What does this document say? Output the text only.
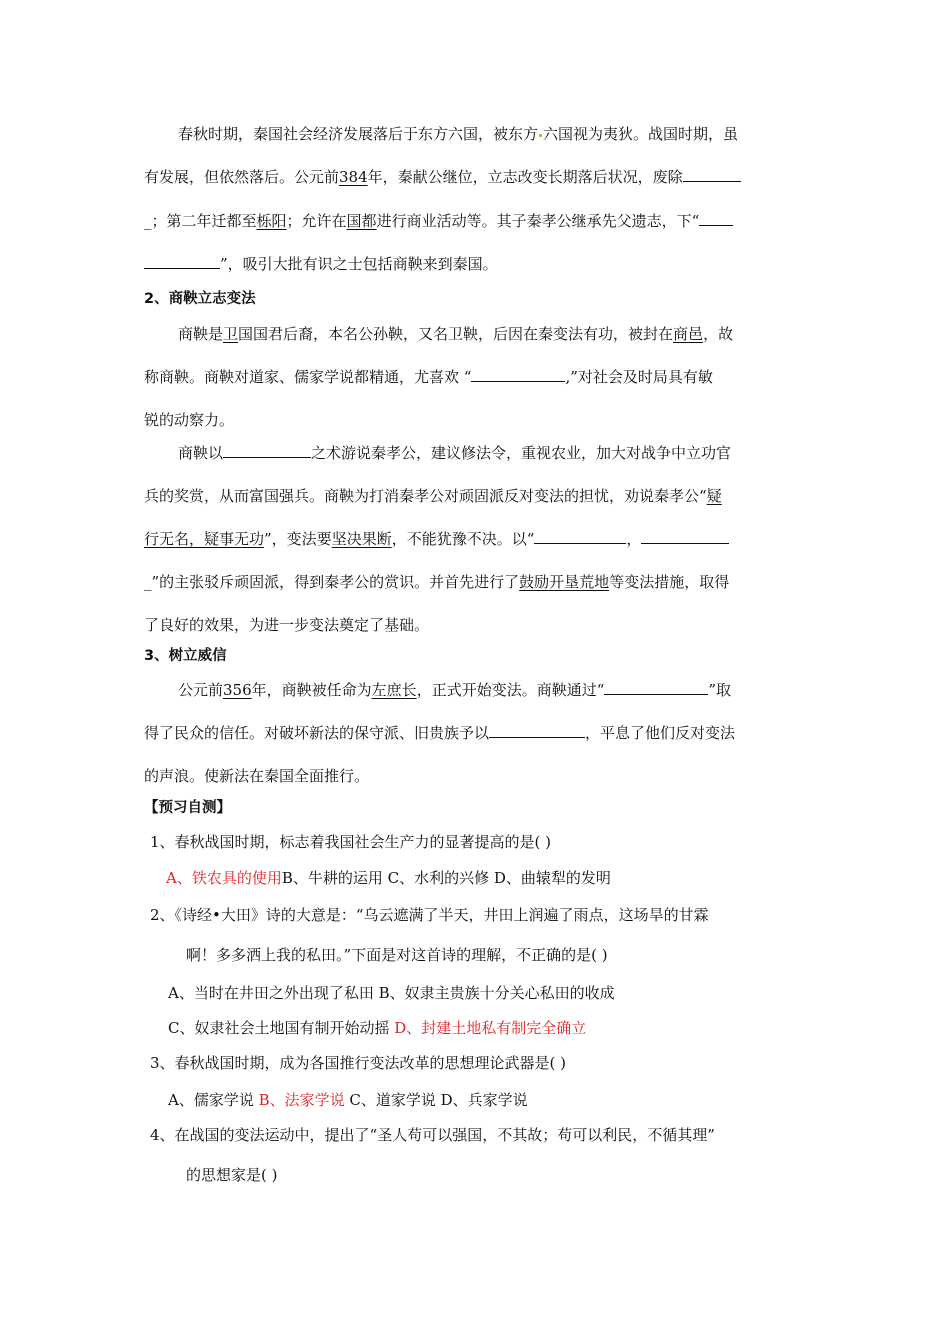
春秋时期，秦国社会经济发展落后于东方六国，被东方 六国视为夷狄。战国时期，虽
有发展，但依然落后。公元前384年，秦献公继位，立志改变长期落后状况，废除
_；第二年迁都至栎阳；允许在国都进行商业活动等。其子秦孝公继承先父遗志，下“
”，吸引大批有识之士包括商鞅来到秦国。
2、商鞅立志变法
商鞅是卫国国君后裔，本名公孙鞅，又名卫鞅，后因在秦变法有功，被封在商邑，故
称商鞅。商鞅对道家、儒家学说都精通，尤喜欢 “	,”对社会及时局具有敏
锐的动察力。
商鞅以	之术游说秦孝公，建议修法令，重视农业，加大对战争中立功官
兵的奖赏，从而富国强兵。商鞅为打消秦孝公对顽固派反对变法的担忧，劝说秦孝公“疑
行无名，疑事无功”，变法要坚决果断，不能犹豫不决。以“	，
_”的主张驳斥顽固派，得到秦孝公的赏识。并首先进行了鼓励开垦荒地等变法措施，取得
了良好的效果，为进一步变法奠定了基础。
3、树立威信
公元前356年，商鞅被任命为左庶长，正式开始变法。商鞅通过“	”取
得了民众的信任。对破坏新法的保守派、旧贵族予以	，平息了他们反对变法
的声浪。使新法在秦国全面推行。
【预习自测】
1、春秋战国时期，标志着我国社会生产力的显著提高的是( )
A、铁农具的使用B、牛耕的运用 C、水利的兴修 D、曲辕犁的发明
2、《诗经•大田》诗的大意是：“乌云遮满了半天，井田上润遍了雨点，这场旱的甘霖
啊！多多洒上我的私田。”下面是对这首诗的理解，不正确的是( )
A、当时在井田之外出现了私田 B、奴隶主贵族十分关心私田的收成
C、奴隶社会土地国有制开始动摇 D、封建土地私有制完全确立
3、春秋战国时期，成为各国推行变法改革的思想理论武器是( )
A、儒家学说 B、法家学说 C、道家学说 D、兵家学说
4、在战国的变法运动中，提出了“圣人苟可以强国，不其故；苟可以利民，不循其理”
的思想家是( )
